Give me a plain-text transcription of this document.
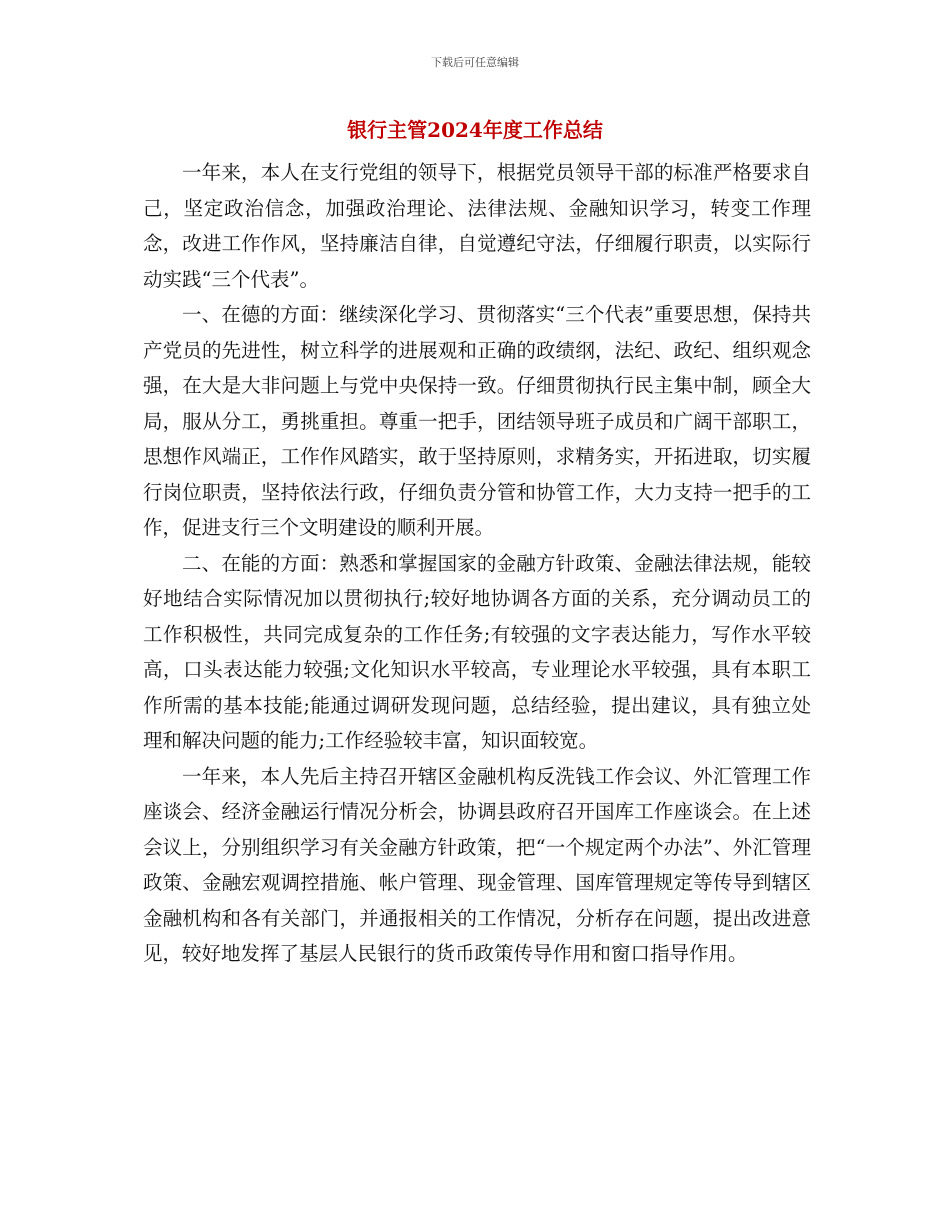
下载后可任意编辑
银行主管2024年度工作总结

一年来，本人在支行党组的领导下，根据党员领导干部的标准严格要求自己，坚定政治信念，加强政治理论、法律法规、金融知识学习，转变工作理念，改进工作作风，坚持廉洁自律，自觉遵纪守法，仔细履行职责，以实际行动实践“三个代表”。

一、在德的方面：继续深化学习、贯彻落实“三个代表”重要思想，保持共产党员的先进性，树立科学的进展观和正确的政绩纲，法纪、政纪、组织观念强，在大是大非问题上与党中央保持一致。仔细贯彻执行民主集中制，顾全大局，服从分工，勇挑重担。尊重一把手，团结领导班子成员和广阔干部职工，思想作风端正，工作作风踏实，敢于坚持原则，求精务实，开拓进取，切实履行岗位职责，坚持依法行政，仔细负责分管和协管工作，大力支持一把手的工作，促进支行三个文明建设的顺利开展。

二、在能的方面：熟悉和掌握国家的金融方针政策、金融法律法规，能较好地结合实际情况加以贯彻执行;较好地协调各方面的关系，充分调动员工的工作积极性，共同完成复杂的工作任务;有较强的文字表达能力，写作水平较高，口头表达能力较强;文化知识水平较高，专业理论水平较强，具有本职工作所需的基本技能;能通过调研发现问题，总结经验，提出建议，具有独立处理和解决问题的能力;工作经验较丰富，知识面较宽。

一年来，本人先后主持召开辖区金融机构反洗钱工作会议、外汇管理工作座谈会、经济金融运行情况分析会，协调县政府召开国库工作座谈会。在上述会议上，分别组织学习有关金融方针政策，把“一个规定两个办法”、外汇管理政策、金融宏观调控措施、帐户管理、现金管理、国库管理规定等传导到辖区金融机构和各有关部门，并通报相关的工作情况，分析存在问题，提出改进意见，较好地发挥了基层人民银行的货币政策传导作用和窗口指导作用。
